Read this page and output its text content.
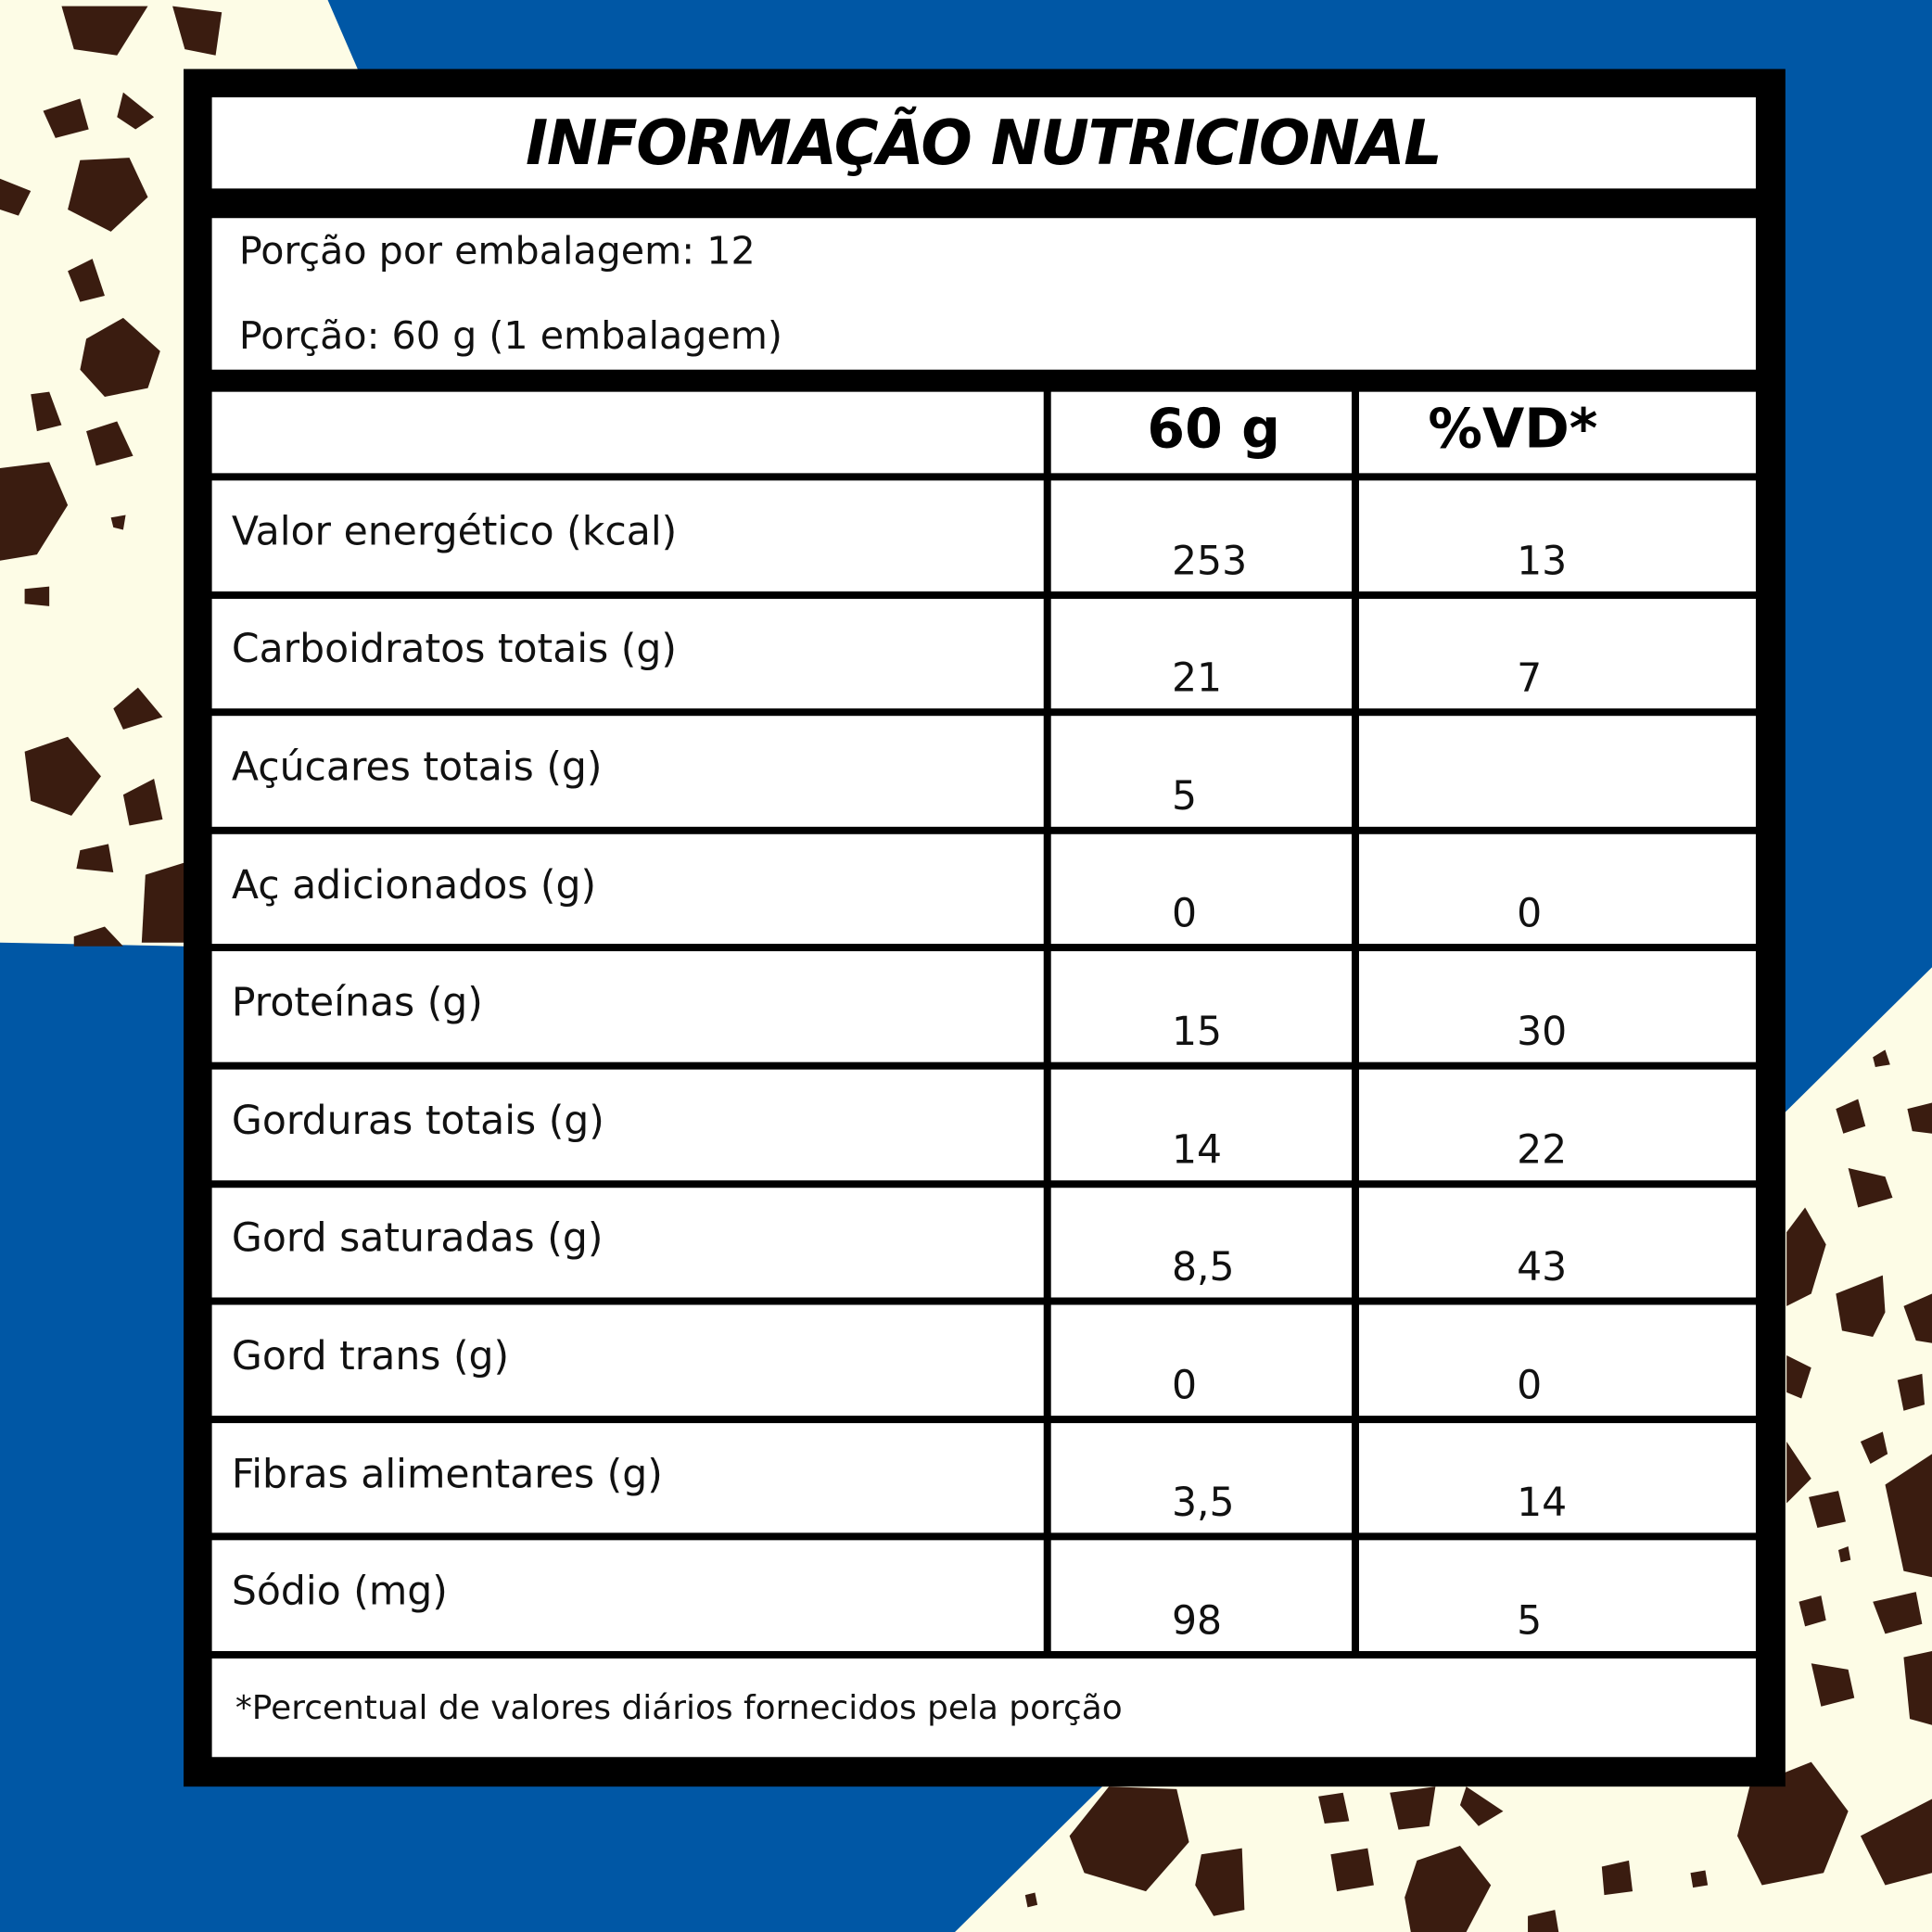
INFORMAÇÃO NUTRICIONAL
Porção por embalagem: 12
Porção: 60 g (1 embalagem)
60 g	%VD*
Valor energético (kcal)
253	13
Carboidratos totais (g)
21	7
Açúcares totais (g)
5
Aç adicionados (g)
0	0
Proteínas (g)
15	30
Gorduras totais (g)
14	22
Gord saturadas (g)
8,5	43
Gord trans (g)
0	0
Fibras alimentares (g)
3,5	14
Sódio (mg)
98	5
*Percentual de valores diários fornecidos pela porção
